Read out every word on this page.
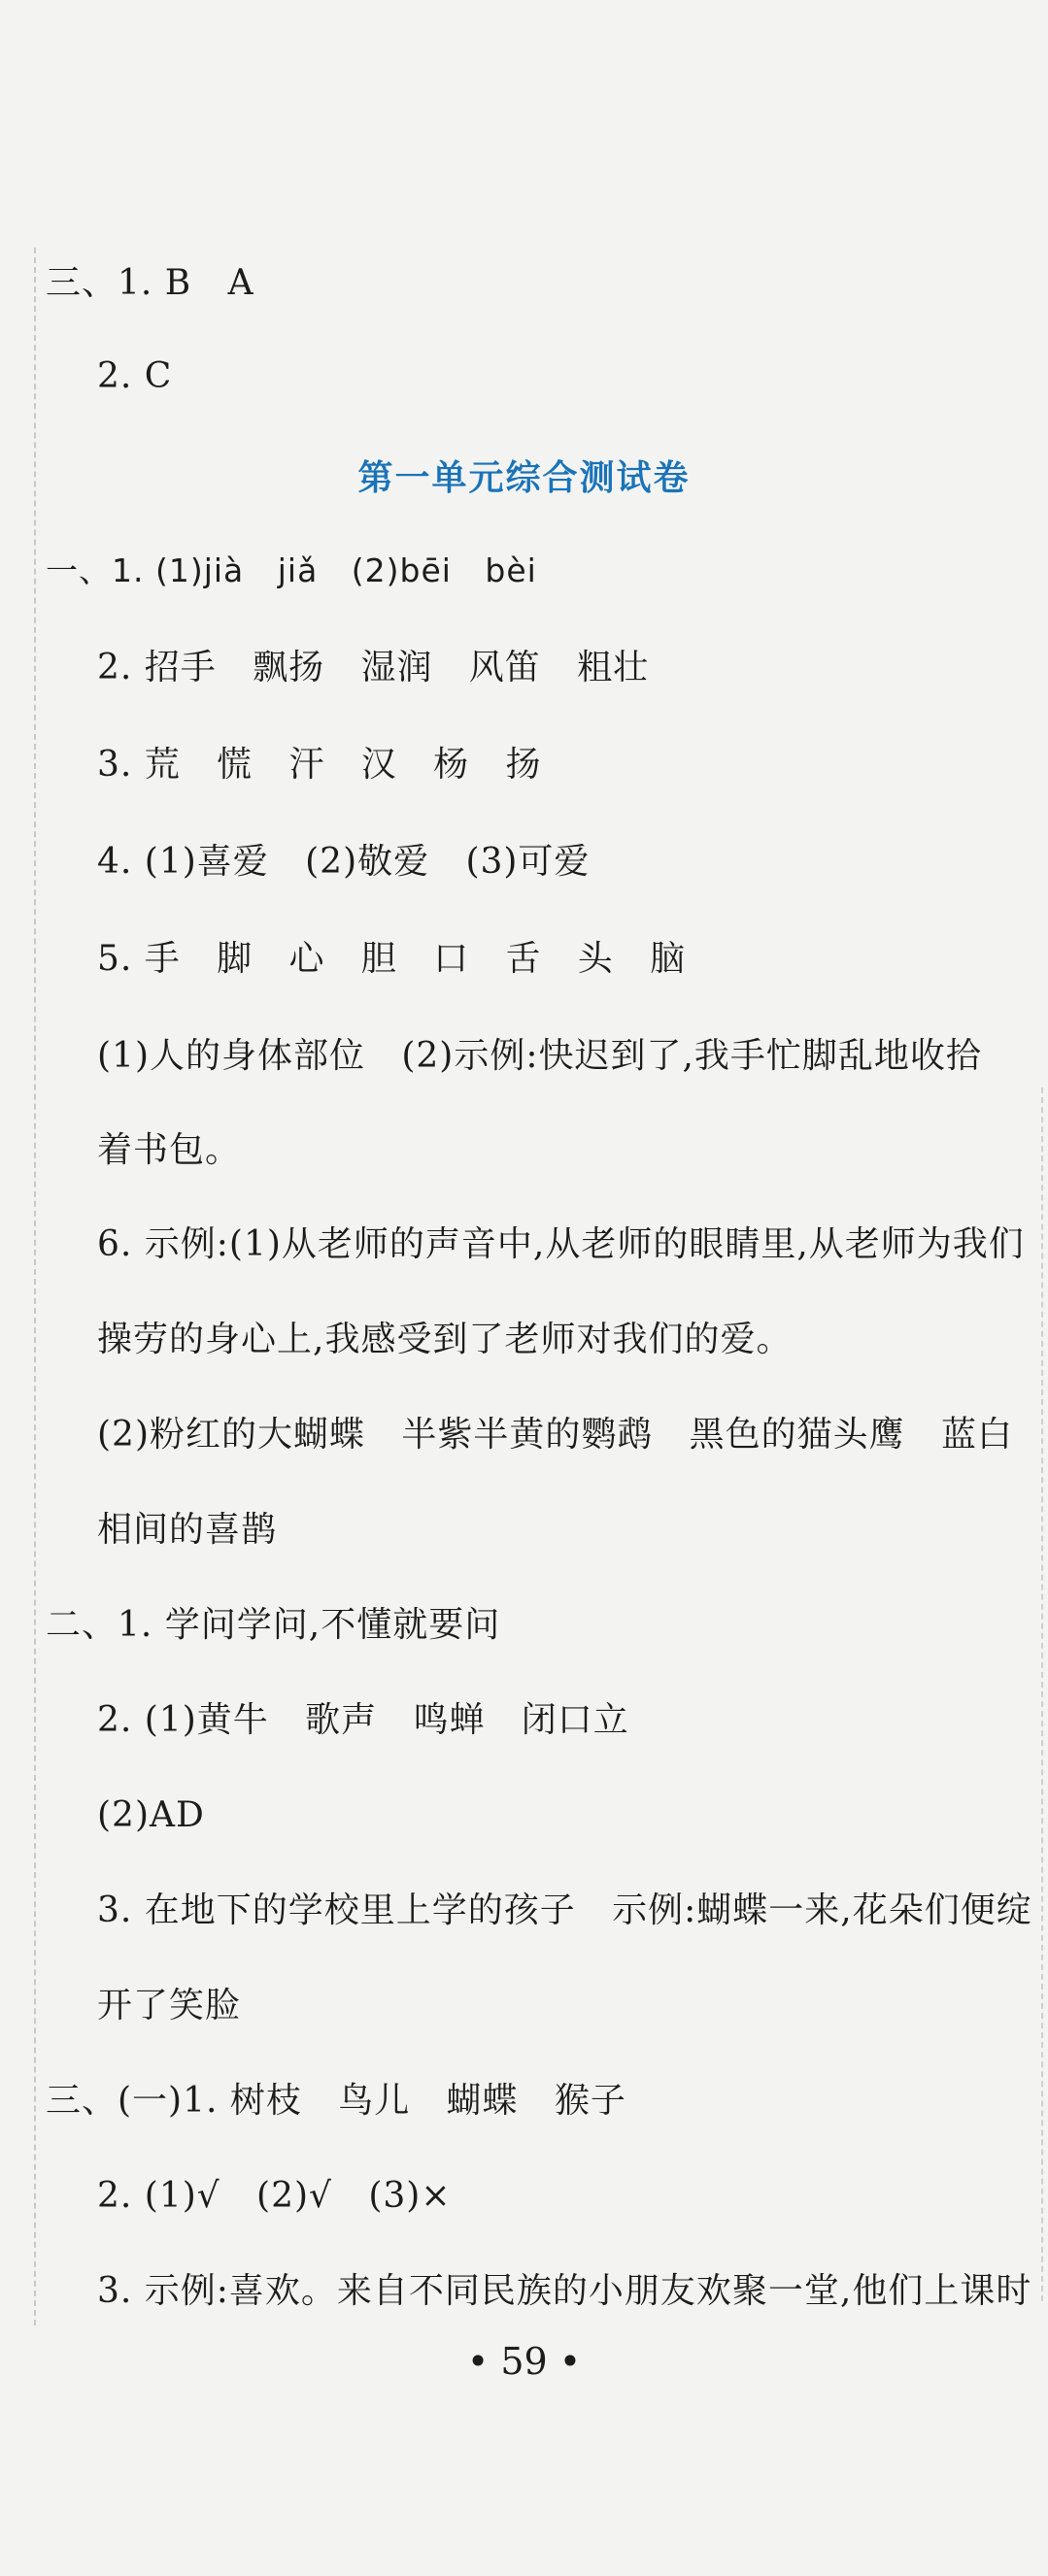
三、1. B   A
2. C
第一单元综合测试卷
一、1. (1)jià   jiǎ   (2)bēi   bèi
2. 招手   飘扬   湿润   风笛   粗壮
3. 荒   慌   汗   汉   杨   扬
4. (1)喜爱   (2)敬爱   (3)可爱
5. 手   脚   心   胆   口   舌   头   脑
(1)人的身体部位   (2)示例:快迟到了,我手忙脚乱地收拾
着书包。
6. 示例:(1)从老师的声音中,从老师的眼睛里,从老师为我们
操劳的身心上,我感受到了老师对我们的爱。
(2)粉红的大蝴蝶   半紫半黄的鹦鹉   黑色的猫头鹰   蓝白
相间的喜鹊
二、1. 学问学问,不懂就要问
2. (1)黄牛   歌声   鸣蝉   闭口立
(2)AD
3. 在地下的学校里上学的孩子   示例:蝴蝶一来,花朵们便绽
开了笑脸
三、(一)1. 树枝   鸟儿   蝴蝶   猴子
2. (1)√   (2)√   (3)×
3. 示例:喜欢。来自不同民族的小朋友欢聚一堂,他们上课时
• 59 •
